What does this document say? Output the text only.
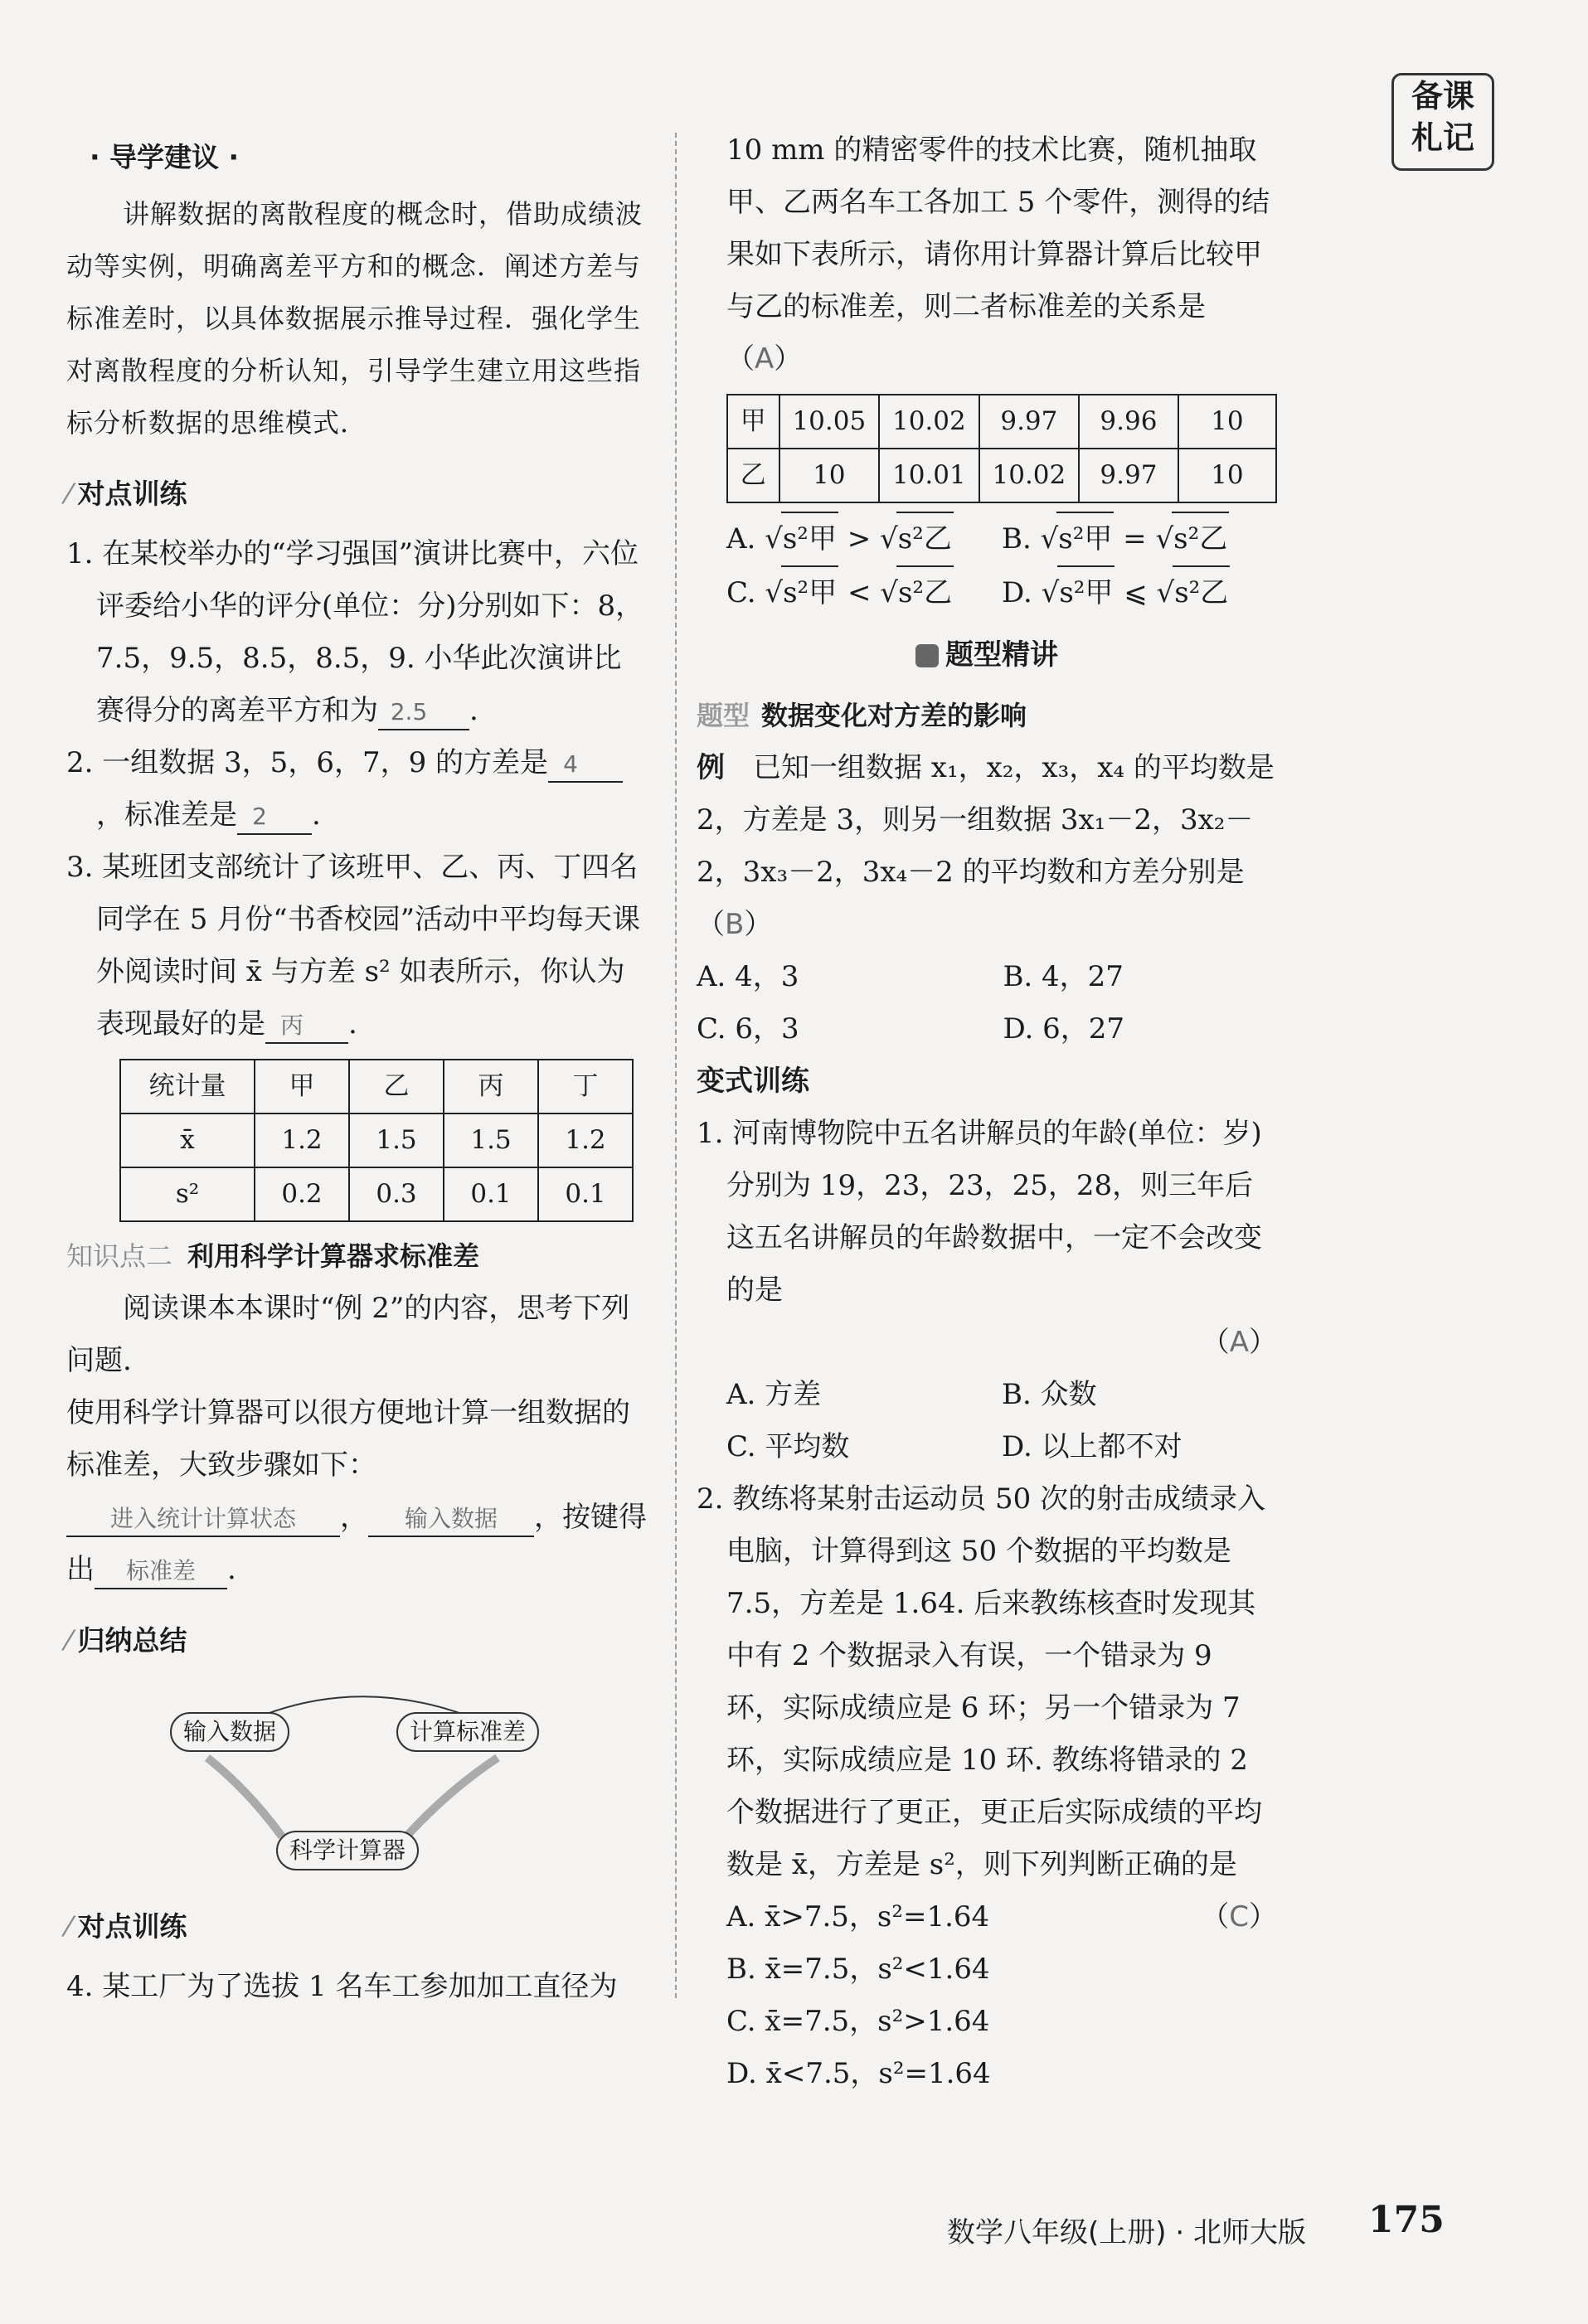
备课
札记
· 导学建议 ·

讲解数据的离散程度的概念时，借助成绩波动等实例，明确离差平方和的概念．阐述方差与标准差时，以具体数据展示推导过程．强化学生对离散程度的分析认知，引导学生建立用这些指标分析数据的思维模式．

⁄ 对点训练

1. 在某校举办的“学习强国”演讲比赛中，六位评委给小华的评分(单位：分)分别如下：8，7.5，9.5，8.5，8.5，9. 小华此次演讲比赛得分的离差平方和为 2.5 .

2. 一组数据 3，5，6，7，9 的方差是 4，标准差是 2 .

3. 某班团支部统计了该班甲、乙、丙、丁四名同学在 5 月份“书香校园”活动中平均每天课外阅读时间 x̄ 与方差 s² 如表所示，你认为表现最好的是 丙 .

统计量	甲	乙	丙	丁
x̄	1.2	1.5	1.5	1.2
s²	0.2	0.3	0.1	0.1
知识点二 利用科学计算器求标准差

阅读课本本课时“例 2”的内容，思考下列问题.

使用科学计算器可以很方便地计算一组数据的标准差，大致步骤如下：进入统计计算状态 ， 输入数据 ，按键得出 标准差 .

⁄ 归纳总结
输入数据	计算标准差
科学计算器
⁄ 对点训练

4. 某工厂为了选拔 1 名车工参加加工直径为

10 mm 的精密零件的技术比赛，随机抽取甲、乙两名车工各加工 5 个零件，测得的结果如下表所示，请你用计算器计算后比较甲与乙的标准差，则二者标准差的关系是（A）

甲	10.05	10.02	9.97	9.96	10
乙	10	10.01	10.02	9.97	10
A. √s²甲 > √s²乙	B. √s²甲 = √s²乙
C. √s²甲 < √s²乙	D. √s²甲 ⩽ √s²乙
题型精讲
题型 数据变化对方差的影响

例　 已知一组数据 x₁，x₂，x₃，x₄ 的平均数是 2，方差是 3，则另一组数据 3x₁－2，3x₂－2，3x₃－2，3x₄－2 的平均数和方差分别是（B）

A. 4，3	B. 4，27
C. 6，3	D. 6，27
变式训练

1. 河南博物院中五名讲解员的年龄(单位：岁)分别为 19，23，23，25，28，则三年后这五名讲解员的年龄数据中，一定不会改变的是

（A）
A. 方差	B. 众数
C. 平均数	D. 以上都不对

2. 教练将某射击运动员 50 次的射击成绩录入电脑，计算得到这 50 个数据的平均数是 7.5，方差是 1.64. 后来教练核查时发现其中有 2 个数据录入有误，一个错录为 9 环，实际成绩应是 6 环；另一个错录为 7 环，实际成绩应是 10 环. 教练将错录的 2 个数据进行了更正，更正后实际成绩的平均数是 x̄，方差是 s²，则下列判断正确的是
（C）

A. x̄>7.5，s²=1.64
B. x̄=7.5，s²<1.64
C. x̄=7.5，s²>1.64
D. x̄<7.5，s²=1.64
数学八年级(上册) · 北师大版 175
